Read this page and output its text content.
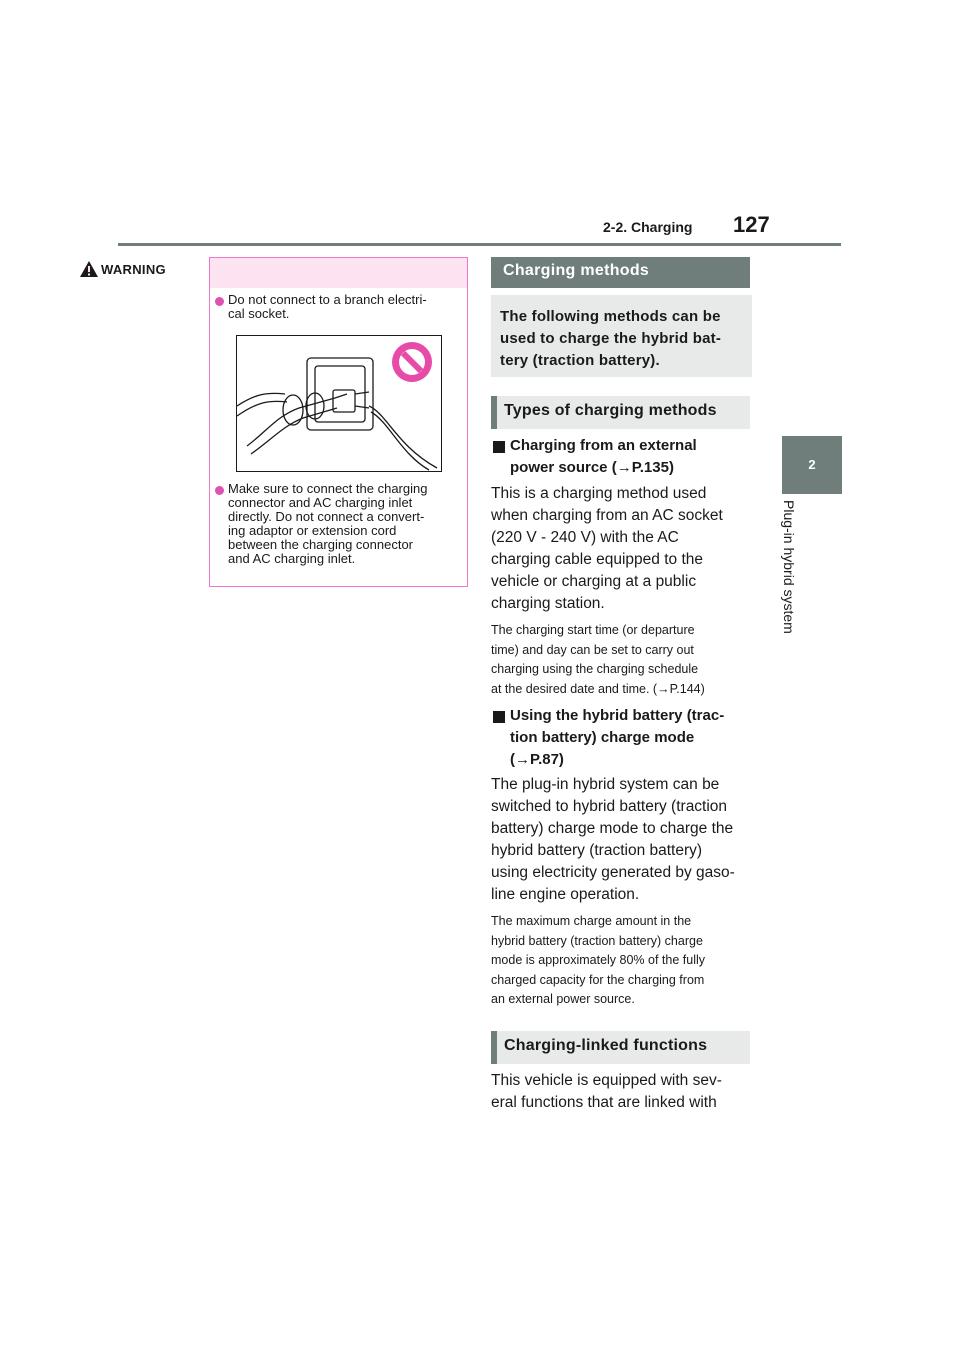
2-2. Charging 127
2
Plug-in hybrid system
WARNING
Do not connect to a branch electri-
cal socket.
Make sure to connect the charging
connector and AC charging inlet
directly. Do not connect a convert-
ing adaptor or extension cord
between the charging connector
and AC charging inlet.
Charging methods
The following methods can be
used to charge the hybrid bat-
tery (traction battery).
Types of charging methods
Charging from an external
power source (→P.135)
This is a charging method used
when charging from an AC socket
(220 V - 240 V) with the AC
charging cable equipped to the
vehicle or charging at a public
charging station.
The charging start time (or departure
time) and day can be set to carry out
charging using the charging schedule
at the desired date and time. (→P.144)
Using the hybrid battery (trac-
tion battery) charge mode
(→P.87)
The plug-in hybrid system can be
switched to hybrid battery (traction
battery) charge mode to charge the
hybrid battery (traction battery)
using electricity generated by gaso-
line engine operation.
The maximum charge amount in the
hybrid battery (traction battery) charge
mode is approximately 80% of the fully
charged capacity for the charging from
an external power source.
Charging-linked functions
This vehicle is equipped with sev-
eral functions that are linked with
